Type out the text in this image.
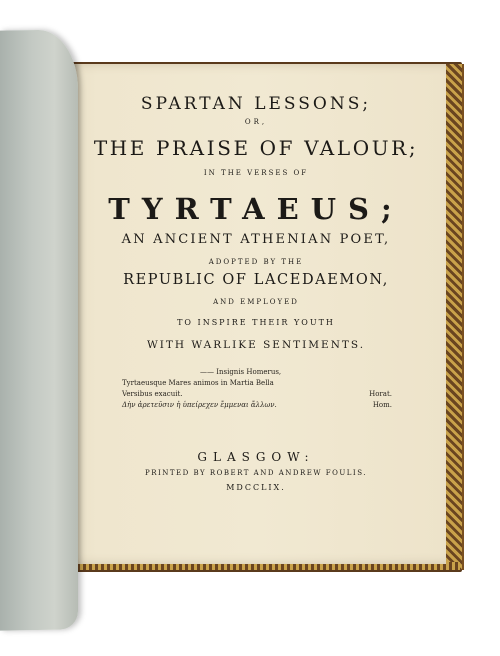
SPARTAN LESSONS;
OR,
THE PRAISE OF VALOUR;
IN THE VERSES OF
TYRTAEUS;
AN ANCIENT ATHENIAN POET,
ADOPTED BY THE
REPUBLIC OF LACEDAEMON,
AND EMPLOYED
TO INSPIRE THEIR YOUTH
WITH WARLIKE SENTIMENTS.
—— Insignis Homerus,
Tyrtaeusque Mares animos in Martia Bella
Versibus exacuit.	Horat.
Δὴν ἀρετεῦσιν ἠ ὑπείρεχεν ἔμμεναι ἄλλων.	Hom.
GLASGOW:
PRINTED BY ROBERT AND ANDREW FOULIS.
MDCCLIX.
